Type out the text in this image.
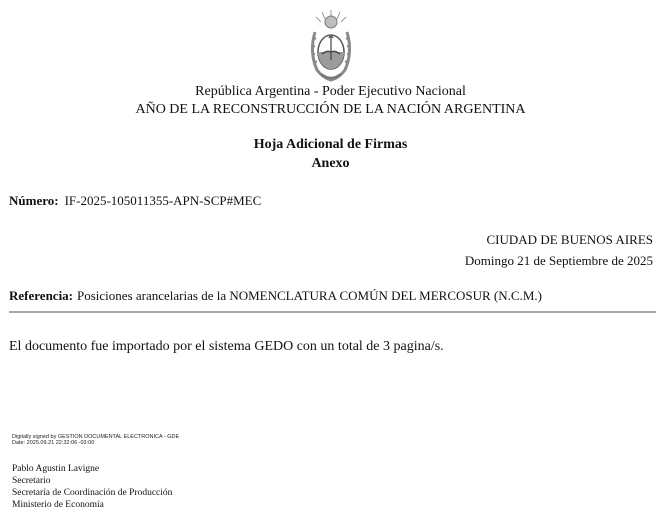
República Argentina - Poder Ejecutivo Nacional
AÑO DE LA RECONSTRUCCIÓN DE LA NACIÓN ARGENTINA
Hoja Adicional de Firmas
Anexo
Número: IF-2025-105011355-APN-SCP#MEC
CIUDAD DE BUENOS AIRES
Domingo 21 de Septiembre de 2025
Referencia: Posiciones arancelarias de la NOMENCLATURA COMÚN DEL MERCOSUR (N.C.M.)
El documento fue importado por el sistema GEDO con un total de 3 pagina/s.
Digitally signed by GESTION DOCUMENTAL ELECTRONICA - GDE
Date: 2025.09.21 22:32:06 -03:00
Pablo Agustin Lavigne
Secretario
Secretaría de Coordinación de Producción
Ministerio de Economía
